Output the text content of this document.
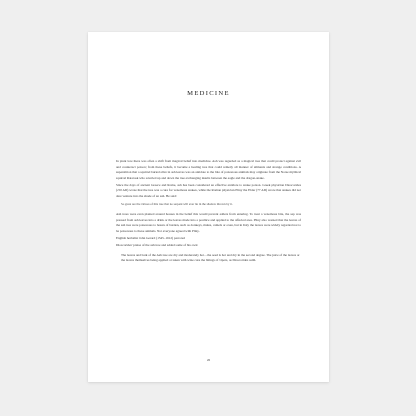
MEDICINE

In plant lore there was often a shift from magical belief into medicine. Ash was regarded as a magical tree that could protect against evil and counteract poison; from these beliefs, it became a healing tree that could remedy all manner of ailments and strange conditions. A superstition that a squirrel buried alive in ash leaves was an antidote to the bite of poisonous animals may originate from the Norse mythical squirrel Ratatosk who scurried up and down the tree exchanging insults between the eagle and the dragon-snake.

Since the days of ancient Greece and Rome, ash has been considered an effective antidote to snake poison. Greek physician Dioscorides (c50 AD) wrote that the tree was a cure for venomous snakes, while the Roman physician Pliny the Elder (77 AD) wrote that snakes did not dare venture into the shade of an ash. He said:

So great are the virtues of this tree that no serpent will ever lie in the shadow thrown by it.

Ash trees were even planted around houses in the belief this would prevent adders from entering. To treat a venomous bite, the sap was pressed from ash leaves into a drink or the leaves made into a poultice and applied to the affected area. Pliny also warned that the leaves of the ash tree were poisonous to beasts of burden, such as donkeys, mules, camels or oxen, but in Italy the leaves were widely regarded not to be poisonous to these animals. Not everyone agreed with Pliny.

English herbalist John Gerard (1545–1612) parroted

Dioscorides' praise of the ash tree and added some of his own:

The leaves and bark of the Ash tree are dry and moderately hot…the seed is hot and dry in the second degree. The juice of the leaves or the leaves themselves being applied or taken with wine cure the bitings of vipers, as Dioscorides saith.

26
